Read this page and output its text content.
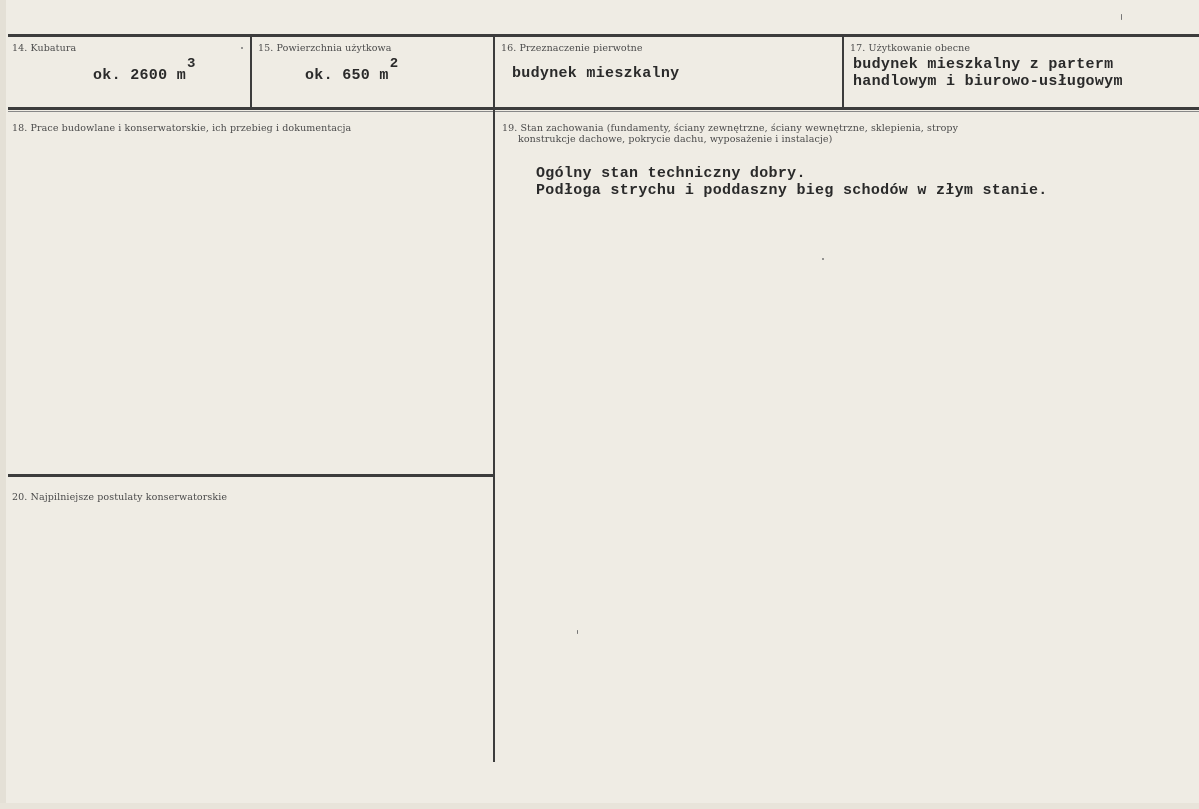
14. Kubatura
ok. 2600 m3
15. Powierzchnia użytkowa
ok. 650 m2
16. Przeznaczenie pierwotne
budynek mieszkalny
17. Użytkowanie obecne
budynek mieszkalny z parterm
handlowym i biurowo-usługowym
18. Prace budowlane i konserwatorskie, ich przebieg i dokumentacja	19. Stan zachowania (fundamenty, ściany zewnętrzne, ściany wewnętrzne, sklepienia, stropy
konstrukcje dachowe, pokrycie dachu, wyposażenie i instalacje)
Ogólny stan techniczny dobry.
Podłoga strychu i poddaszny bieg schodów w złym stanie.
20. Najpilniejsze postulaty konserwatorskie
